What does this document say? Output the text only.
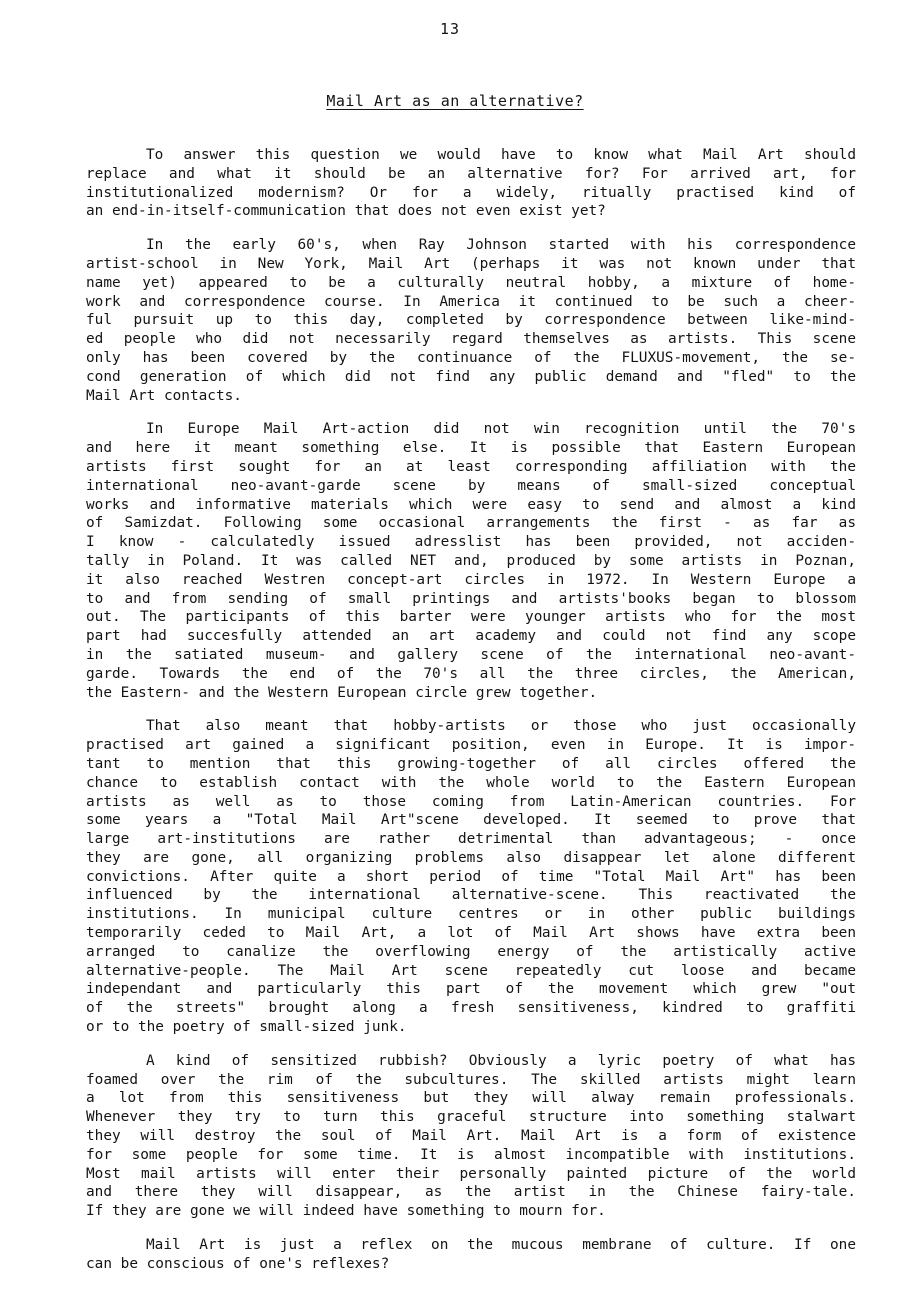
13
Mail Art as an alternative?
To answer this question we would have to know what Mail Art should
replace and what it should be an alternative for? For arrived art, for
institutionalized modernism? Or for a widely, ritually practised kind of
an end-in-itself-communication that does not even exist yet?
In the early 60's, when Ray Johnson started with his correspondence
artist-school in New York, Mail Art (perhaps it was not known under that
name yet) appeared to be a culturally neutral hobby, a mixture of home-
work and correspondence course. In America it continued to be such a cheer-
ful pursuit up to this day, completed by correspondence between like-mind-
ed people who did not necessarily regard themselves as artists. This scene
only has been covered by the continuance of the FLUXUS-movement, the se-
cond generation of which did not find any public demand and "fled" to the
Mail Art contacts.
In Europe Mail Art-action did not win recognition until the 70's
and here it meant something else. It is possible that Eastern European
artists first sought for an at least corresponding affiliation with the
international neo-avant-garde scene by means of small-sized conceptual
works and informative materials which were easy to send and almost a kind
of Samizdat. Following some occasional arrangements the first - as far as
I know - calculatedly issued adresslist has been provided, not acciden-
tally in Poland. It was called NET and, produced by some artists in Poznan,
it also reached Westren concept-art circles in 1972. In Western Europe a
to and from sending of small printings and artists'books began to blossom
out. The participants of this barter were younger artists who for the most
part had succesfully attended an art academy and could not find any scope
in the satiated museum- and gallery scene of the international neo-avant-
garde. Towards the end of the 70's all the three circles, the American,
the Eastern- and the Western European circle grew together.
That also meant that hobby-artists or those who just occasionally
practised art gained a significant position, even in Europe. It is impor-
tant to mention that this growing-together of all circles offered the
chance to establish contact with the whole world to the Eastern European
artists as well as to those coming from Latin-American countries. For
some years a "Total Mail Art"scene developed. It seemed to prove that
large art-institutions are rather detrimental than advantageous; - once
they are gone, all organizing problems also disappear let alone different
convictions. After quite a short period of time "Total Mail Art" has been
influenced by the international alternative-scene. This reactivated the
institutions. In municipal culture centres or in other public buildings
temporarily ceded to Mail Art, a lot of Mail Art shows have extra been
arranged to canalize the overflowing energy of the artistically active
alternative-people. The Mail Art scene repeatedly cut loose and became
independant and particularly this part of the movement which grew "out
of the streets" brought along a fresh sensitiveness, kindred to graffiti
or to the poetry of small-sized junk.
A kind of sensitized rubbish? Obviously a lyric poetry of what has
foamed over the rim of the subcultures. The skilled artists might learn
a lot from this sensitiveness but they will alway remain professionals.
Whenever they try to turn this graceful structure into something stalwart
they will destroy the soul of Mail Art. Mail Art is a form of existence
for some people for some time. It is almost incompatible with institutions.
Most mail artists will enter their personally painted picture of the world
and there they will disappear, as the artist in the Chinese fairy-tale.
If they are gone we will indeed have something to mourn for.
Mail Art is just a reflex on the mucous membrane of culture. If one
can be conscious of one's reflexes?
